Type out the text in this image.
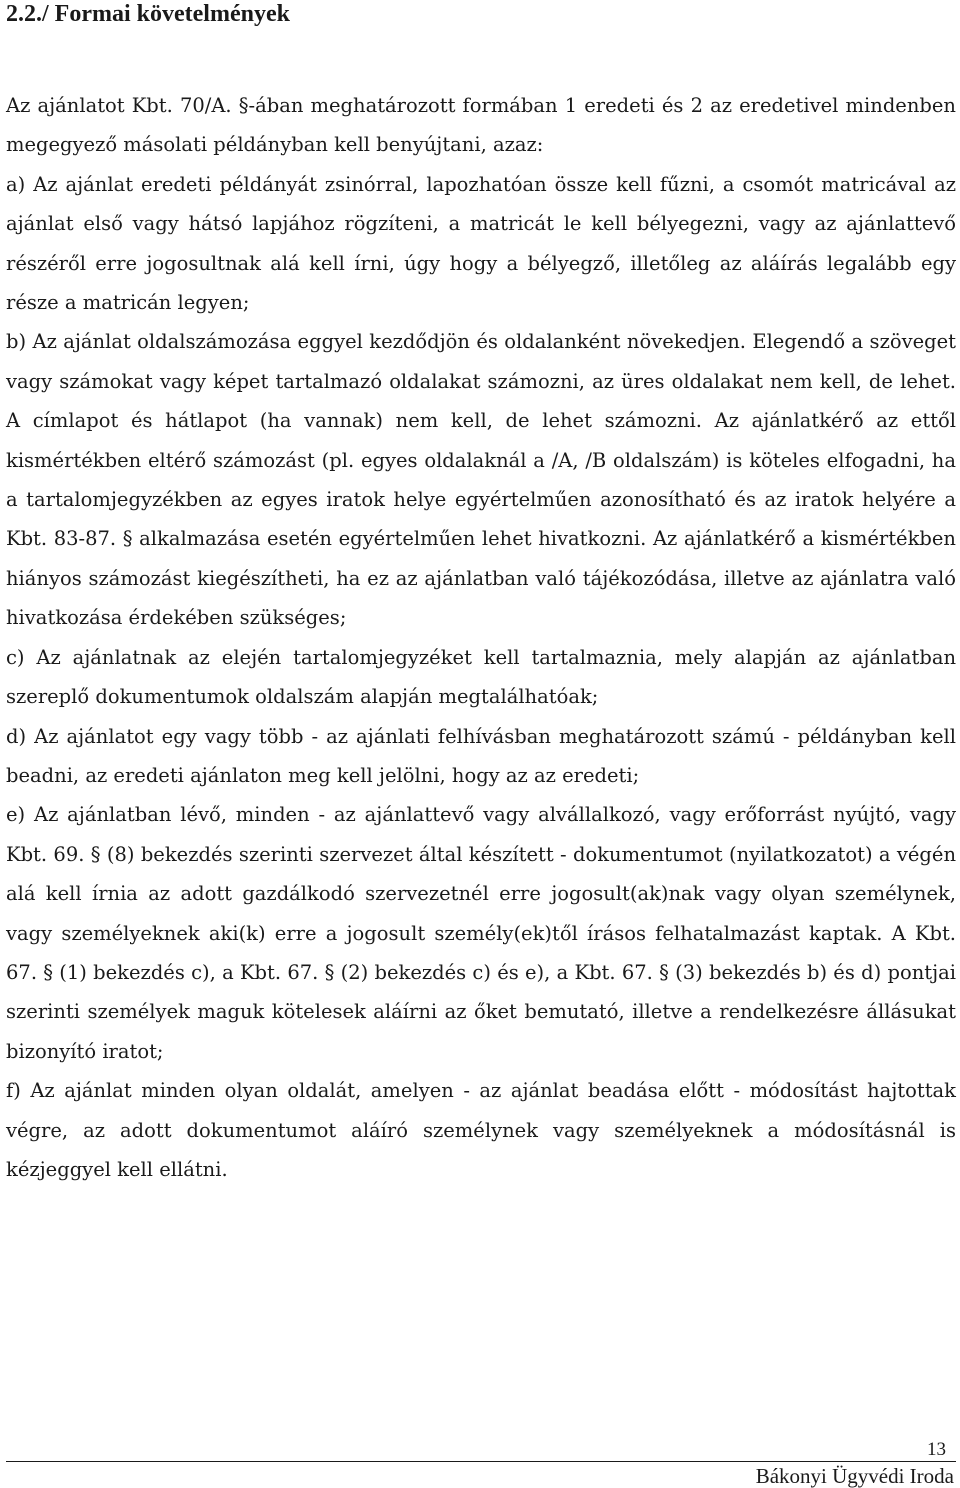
2.2./ Formai követelmények

Az ajánlatot Kbt. 70/A. §-ában meghatározott formában 1 eredeti és 2 az eredetivel mindenben megegyező másolati példányban kell benyújtani, azaz:

a) Az ajánlat eredeti példányát zsinórral, lapozhatóan össze kell fűzni, a csomót matricával az ajánlat első vagy hátsó lapjához rögzíteni, a matricát le kell bélyegezni, vagy az ajánlattevő részéről erre jogosultnak alá kell írni, úgy hogy a bélyegző, illetőleg az aláírás legalább egy része a matricán legyen;

b) Az ajánlat oldalszámozása eggyel kezdődjön és oldalanként növekedjen. Elegendő a szöveget vagy számokat vagy képet tartalmazó oldalakat számozni, az üres oldalakat nem kell, de lehet. A címlapot és hátlapot (ha vannak) nem kell, de lehet számozni. Az ajánlatkérő az ettől kismértékben eltérő számozást (pl. egyes oldalaknál a /A, /B oldalszám) is köteles elfogadni, ha a tartalomjegyzékben az egyes iratok helye egyértelműen azonosítható és az iratok helyére a Kbt. 83-87. § alkalmazása esetén egyértelműen lehet hivatkozni. Az ajánlatkérő a kismértékben hiányos számozást kiegészítheti, ha ez az ajánlatban való tájékozódása, illetve az ajánlatra való hivatkozása érdekében szükséges;

c) Az ajánlatnak az elején tartalomjegyzéket kell tartalmaznia, mely alapján az ajánlatban szereplő dokumentumok oldalszám alapján megtalálhatóak;

d) Az ajánlatot egy vagy több - az ajánlati felhívásban meghatározott számú - példányban kell beadni, az eredeti ajánlaton meg kell jelölni, hogy az az eredeti;

e) Az ajánlatban lévő, minden - az ajánlattevő vagy alvállalkozó, vagy erőforrást nyújtó, vagy Kbt. 69. § (8) bekezdés szerinti szervezet által készített - dokumentumot (nyilatkozatot) a végén alá kell írnia az adott gazdálkodó szervezetnél erre jogosult(ak)nak vagy olyan személynek, vagy személyeknek aki(k) erre a jogosult személy(ek)től írásos felhatalmazást kaptak. A Kbt. 67. § (1) bekezdés c), a Kbt. 67. § (2) bekezdés c) és e), a Kbt. 67. § (3) bekezdés b) és d) pontjai szerinti személyek maguk kötelesek aláírni az őket bemutató, illetve a rendelkezésre állásukat bizonyító iratot;

f) Az ajánlat minden olyan oldalát, amelyen - az ajánlat beadása előtt - módosítást hajtottak végre, az adott dokumentumot aláíró személynek vagy személyeknek a módosításnál is kézjeggyel kell ellátni.

13
Bákonyi Ügyvédi Iroda
